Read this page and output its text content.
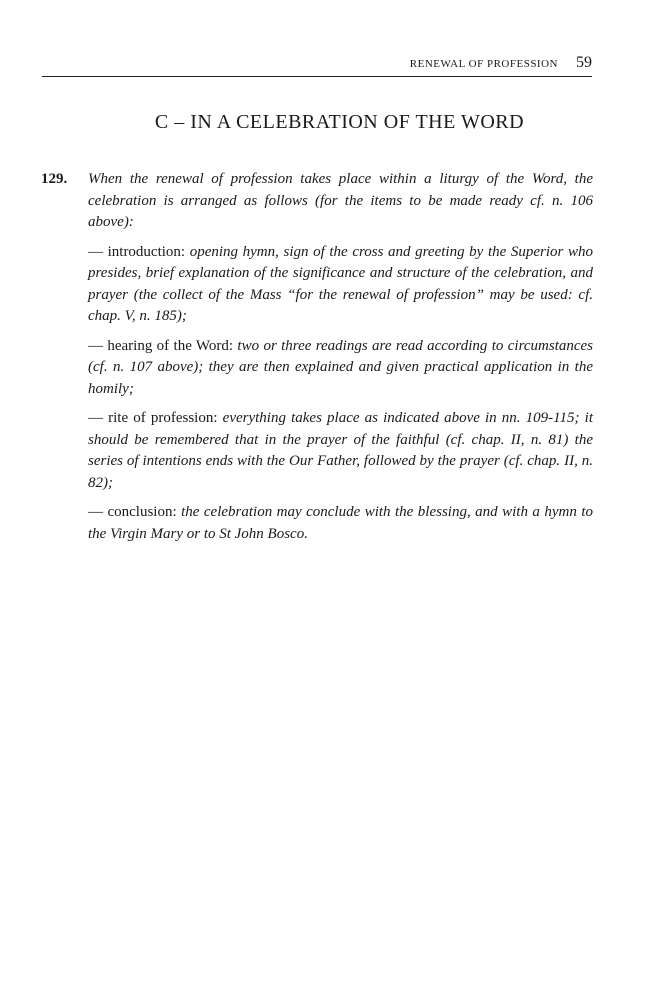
RENEWAL OF PROFESSION 59
C – IN A CELEBRATION OF THE WORD
129. When the renewal of profession takes place within a liturgy of the Word, the celebration is arranged as follows (for the items to be made ready cf. n. 106 above):

— introduction: opening hymn, sign of the cross and greeting by the Superior who presides, brief explanation of the significance and structure of the celebration, and prayer (the collect of the Mass “for the renewal of profession” may be used: cf. chap. V, n. 185);

— hearing of the Word: two or three readings are read according to circumstances (cf. n. 107 above); they are then explained and given practical application in the homily;

— rite of profession: everything takes place as indicated above in nn. 109-115; it should be remembered that in the prayer of the faithful (cf. chap. II, n. 81) the series of intentions ends with the Our Father, followed by the prayer (cf. chap. II, n. 82);

— conclusion: the celebration may conclude with the blessing, and with a hymn to the Virgin Mary or to St John Bosco.
